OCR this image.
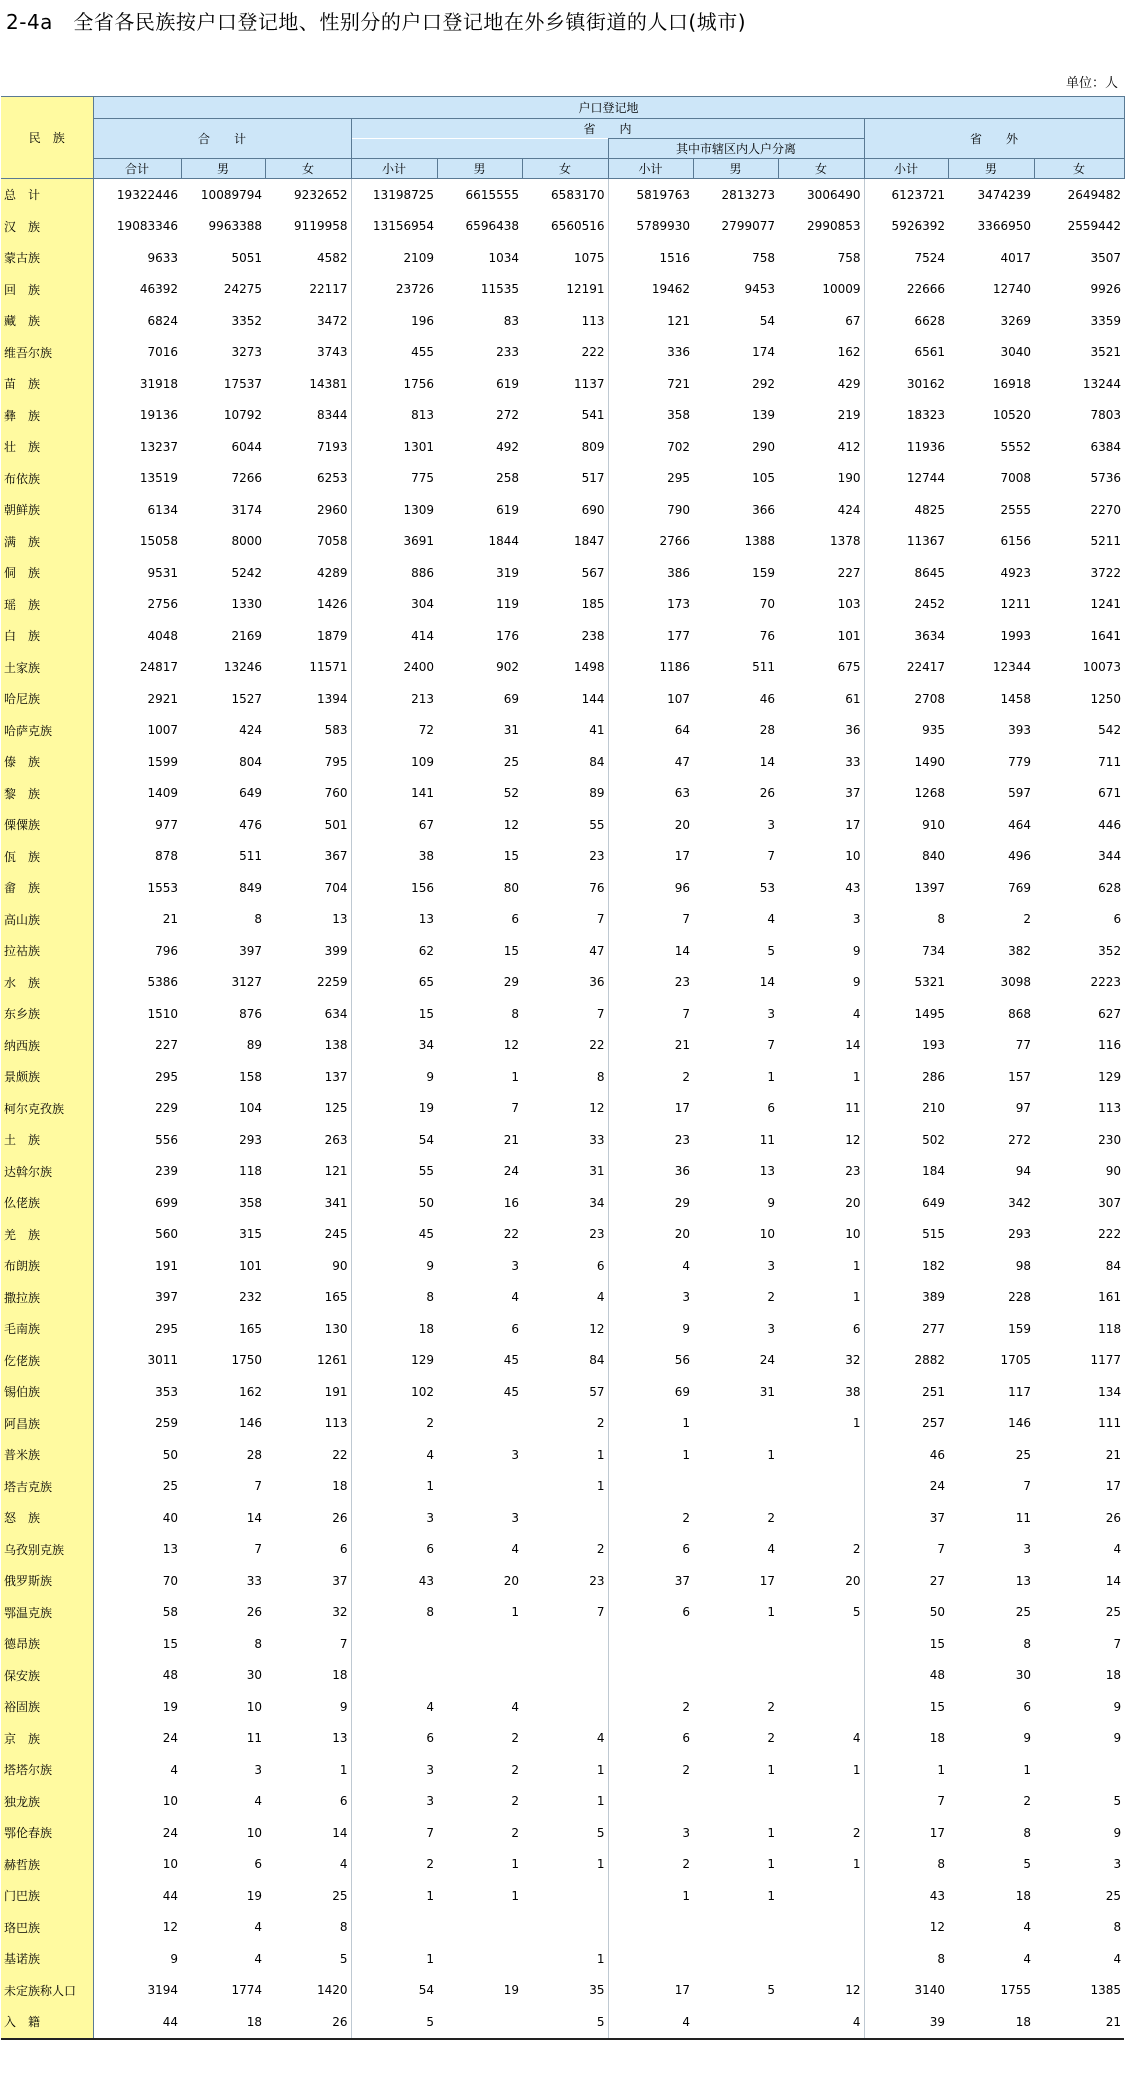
2-4a　全省各民族按户口登记地、性别分的户口登记地在外乡镇街道的人口(城市)
单位：人
民　族	户口登记地											
	合　　计			省　　内						省　　外		
							其中市辖区内人户分离					
	合计	男	女	小计	男	女	小计	男	女	小计	男	女
总　计	19322446	10089794	9232652	13198725	6615555	6583170	5819763	2813273	3006490	6123721	3474239	2649482
汉　族	19083346	9963388	9119958	13156954	6596438	6560516	5789930	2799077	2990853	5926392	3366950	2559442
蒙古族	9633	5051	4582	2109	1034	1075	1516	758	758	7524	4017	3507
回　族	46392	24275	22117	23726	11535	12191	19462	9453	10009	22666	12740	9926
藏　族	6824	3352	3472	196	83	113	121	54	67	6628	3269	3359
维吾尔族	7016	3273	3743	455	233	222	336	174	162	6561	3040	3521
苗　族	31918	17537	14381	1756	619	1137	721	292	429	30162	16918	13244
彝　族	19136	10792	8344	813	272	541	358	139	219	18323	10520	7803
壮　族	13237	6044	7193	1301	492	809	702	290	412	11936	5552	6384
布依族	13519	7266	6253	775	258	517	295	105	190	12744	7008	5736
朝鲜族	6134	3174	2960	1309	619	690	790	366	424	4825	2555	2270
满　族	15058	8000	7058	3691	1844	1847	2766	1388	1378	11367	6156	5211
侗　族	9531	5242	4289	886	319	567	386	159	227	8645	4923	3722
瑶　族	2756	1330	1426	304	119	185	173	70	103	2452	1211	1241
白　族	4048	2169	1879	414	176	238	177	76	101	3634	1993	1641
土家族	24817	13246	11571	2400	902	1498	1186	511	675	22417	12344	10073
哈尼族	2921	1527	1394	213	69	144	107	46	61	2708	1458	1250
哈萨克族	1007	424	583	72	31	41	64	28	36	935	393	542
傣　族	1599	804	795	109	25	84	47	14	33	1490	779	711
黎　族	1409	649	760	141	52	89	63	26	37	1268	597	671
傈僳族	977	476	501	67	12	55	20	3	17	910	464	446
佤　族	878	511	367	38	15	23	17	7	10	840	496	344
畲　族	1553	849	704	156	80	76	96	53	43	1397	769	628
高山族	21	8	13	13	6	7	7	4	3	8	2	6
拉祜族	796	397	399	62	15	47	14	5	9	734	382	352
水　族	5386	3127	2259	65	29	36	23	14	9	5321	3098	2223
东乡族	1510	876	634	15	8	7	7	3	4	1495	868	627
纳西族	227	89	138	34	12	22	21	7	14	193	77	116
景颇族	295	158	137	9	1	8	2	1	1	286	157	129
柯尔克孜族	229	104	125	19	7	12	17	6	11	210	97	113
土　族	556	293	263	54	21	33	23	11	12	502	272	230
达斡尔族	239	118	121	55	24	31	36	13	23	184	94	90
仫佬族	699	358	341	50	16	34	29	9	20	649	342	307
羌　族	560	315	245	45	22	23	20	10	10	515	293	222
布朗族	191	101	90	9	3	6	4	3	1	182	98	84
撒拉族	397	232	165	8	4	4	3	2	1	389	228	161
毛南族	295	165	130	18	6	12	9	3	6	277	159	118
仡佬族	3011	1750	1261	129	45	84	56	24	32	2882	1705	1177
锡伯族	353	162	191	102	45	57	69	31	38	251	117	134
阿昌族	259	146	113	2		2	1		1	257	146	111
普米族	50	28	22	4	3	1	1	1		46	25	21
塔吉克族	25	7	18	1		1				24	7	17
怒　族	40	14	26	3	3		2	2		37	11	26
乌孜别克族	13	7	6	6	4	2	6	4	2	7	3	4
俄罗斯族	70	33	37	43	20	23	37	17	20	27	13	14
鄂温克族	58	26	32	8	1	7	6	1	5	50	25	25
德昂族	15	8	7							15	8	7
保安族	48	30	18							48	30	18
裕固族	19	10	9	4	4		2	2		15	6	9
京　族	24	11	13	6	2	4	6	2	4	18	9	9
塔塔尔族	4	3	1	3	2	1	2	1	1	1	1	
独龙族	10	4	6	3	2	1				7	2	5
鄂伦春族	24	10	14	7	2	5	3	1	2	17	8	9
赫哲族	10	6	4	2	1	1	2	1	1	8	5	3
门巴族	44	19	25	1	1		1	1		43	18	25
珞巴族	12	4	8							12	4	8
基诺族	9	4	5	1		1				8	4	4
未定族称人口	3194	1774	1420	54	19	35	17	5	12	3140	1755	1385
入　籍	44	18	26	5		5	4		4	39	18	21
